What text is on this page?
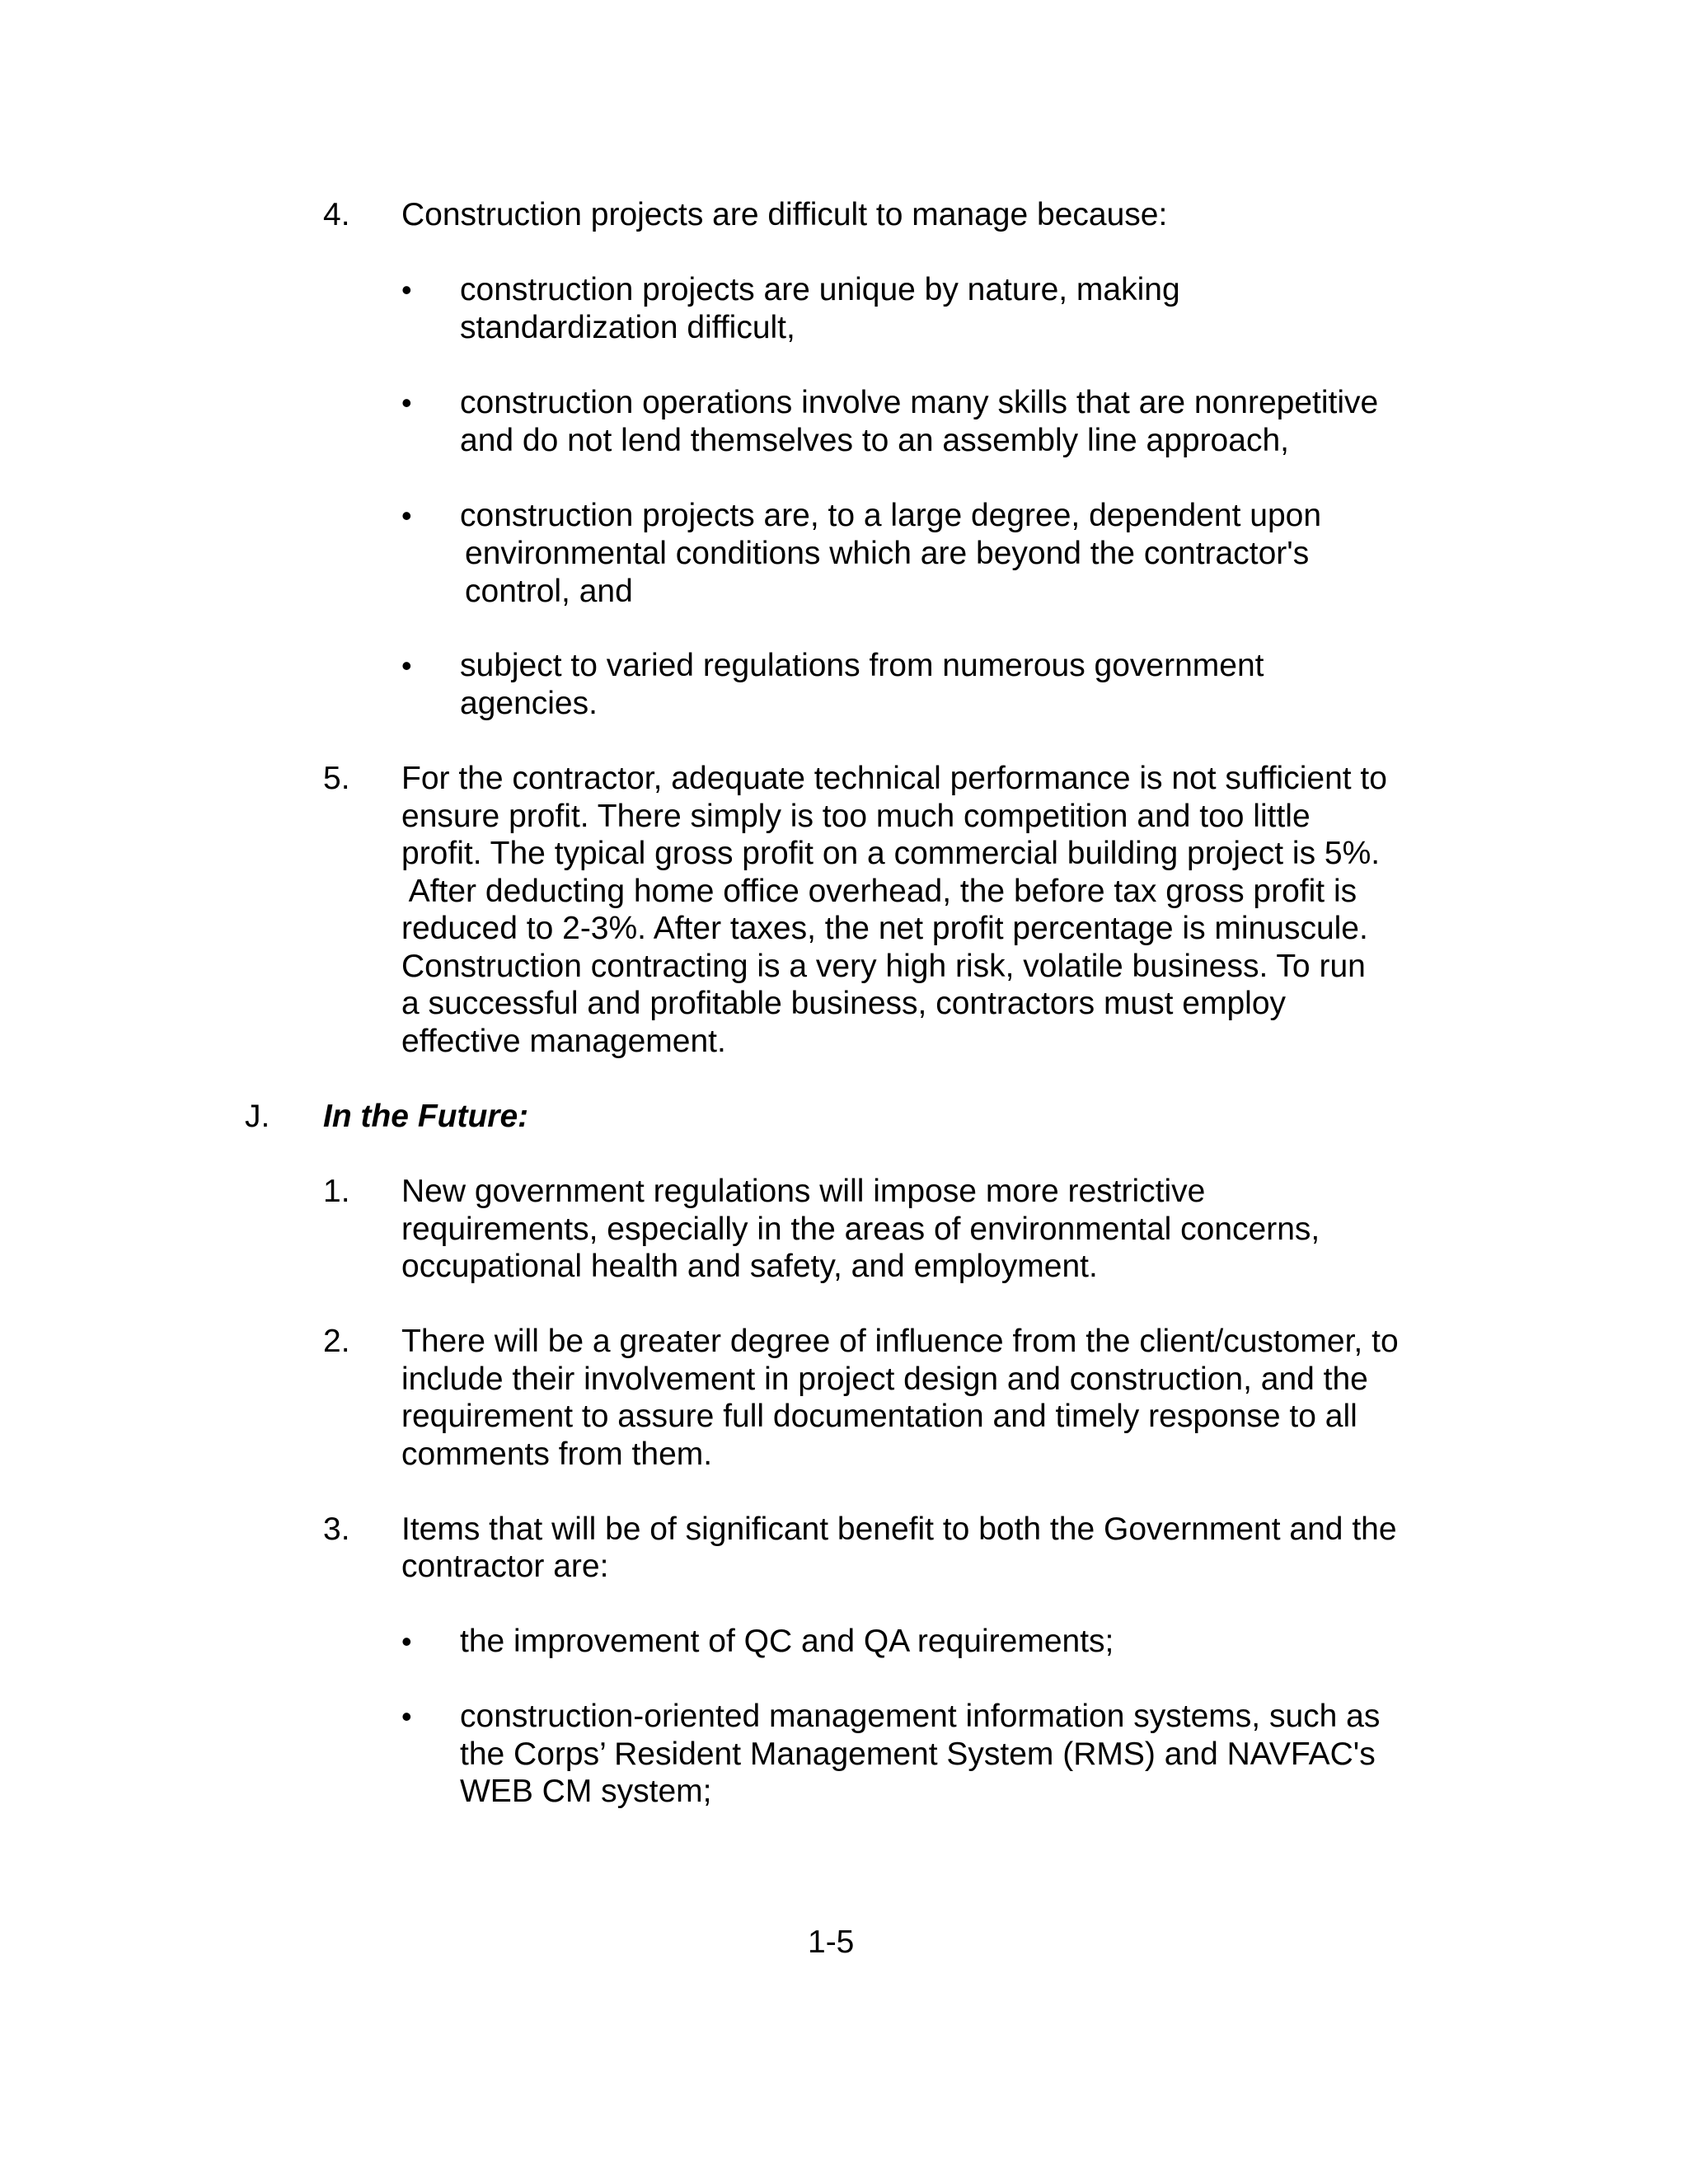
4. Construction projects are difficult to manage because:
• construction projects are unique by nature, making
standardization difficult,
• construction operations involve many skills that are nonrepetitive
and do not lend themselves to an assembly line approach,
• construction projects are, to a large degree, dependent upon
environmental conditions which are beyond the contractor's
control, and
• subject to varied regulations from numerous government
agencies.
5. For the contractor, adequate technical performance is not sufficient to
ensure profit. There simply is too much competition and too little
profit. The typical gross profit on a commercial building project is 5%.
After deducting home office overhead, the before tax gross profit is
reduced to 2-3%. After taxes, the net profit percentage is minuscule.
Construction contracting is a very high risk, volatile business. To run
a successful and profitable business, contractors must employ
effective management.
J. In the Future:
1. New government regulations will impose more restrictive
requirements, especially in the areas of environmental concerns,
occupational health and safety, and employment.
2. There will be a greater degree of influence from the client/customer, to
include their involvement in project design and construction, and the
requirement to assure full documentation and timely response to all
comments from them.
3. Items that will be of significant benefit to both the Government and the
contractor are:
• the improvement of QC and QA requirements;
• construction-oriented management information systems, such as
the Corps’ Resident Management System (RMS) and NAVFAC's
WEB CM system;
1-5
